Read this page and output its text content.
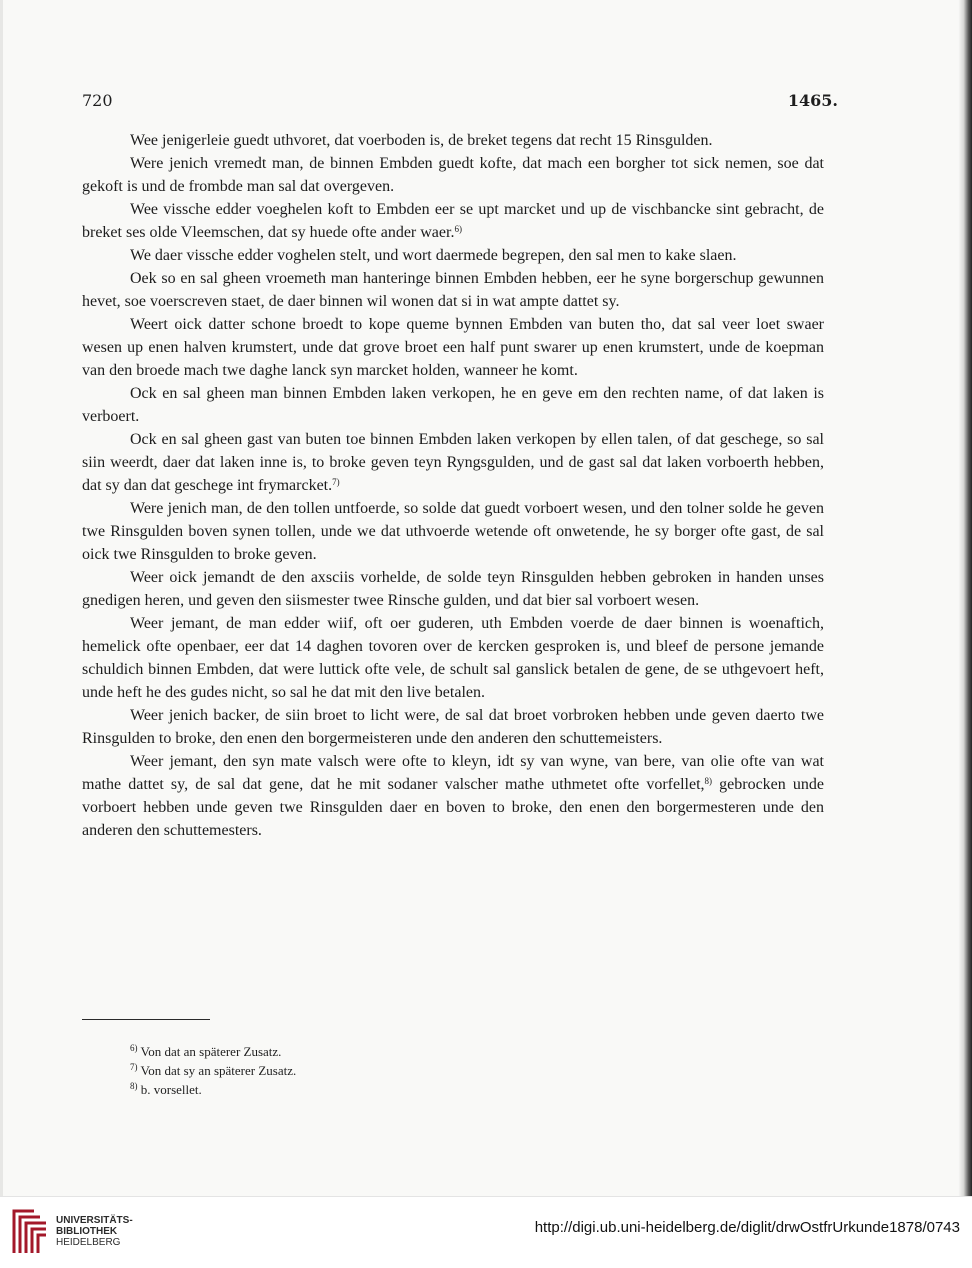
720	1465.

Wee jenigerleie guedt uthvoret, dat voerboden is, de breket tegens dat recht 15 Rinsgulden.

Were jenich vremedt man, de binnen Embden guedt kofte, dat mach een borgher tot sick nemen, soe dat gekoft is und de frombde man sal dat overgeven.

Wee vissche edder voeghelen koft to Embden eer se upt marcket und up de vischbancke sint gebracht, de breket ses olde Vleemschen, dat sy huede ofte ander waer.$^{6)}$

We daer vissche edder voghelen stelt, und wort daermede begrepen, den sal men to kake slaen.

Oek so en sal gheen vroemeth man hanteringe binnen Embden hebben, eer he syne borgerschup gewunnen hevet, soe voerscreven staet, de daer binnen wil wonen dat si in wat ampte dattet sy.

Weert oick datter schone broedt to kope queme bynnen Embden van buten tho, dat sal veer loet swaer wesen up enen halven krumstert, unde dat grove broet een half punt swarer up enen krumstert, unde de koepman van den broede mach twe daghe lanck syn marcket holden, wanneer he komt.

Ock en sal gheen man binnen Embden laken verkopen, he en geve em den rechten name, of dat laken is verboert.

Ock en sal gheen gast van buten toe binnen Embden laken verkopen by ellen talen, of dat geschege, so sal siin weerdt, daer dat laken inne is, to broke geven teyn Ryngsgulden, und de gast sal dat laken vorboerth hebben, dat sy dan dat geschege int frymarcket.$^{7)}$

Were jenich man, de den tollen untfoerde, so solde dat guedt vorboert wesen, und den tolner solde he geven twe Rinsgulden boven synen tollen, unde we dat uthvoerde wetende oft onwetende, he sy borger ofte gast, de sal oick twe Rinsgulden to broke geven.

Weer oick jemandt de den axsciis vorhelde, de solde teyn Rinsgulden hebben gebroken in handen unses gnedigen heren, und geven den siismester twee Rinsche gulden, und dat bier sal vorboert wesen.

Weer jemant, de man edder wiif, oft oer guderen, uth Embden voerde de daer binnen is woenaftich, hemelick ofte openbaer, eer dat 14 daghen tovoren over de kercken gesproken is, und bleef de persone jemande schuldich binnen Embden, dat were luttick ofte vele, de schult sal ganslick betalen de gene, de se uthgevoert heft, unde heft he des gudes nicht, so sal he dat mit den live betalen.

Weer jenich backer, de siin broet to licht were, de sal dat broet vorbroken hebben unde geven daerto twe Rinsgulden to broke, den enen den borgermeisteren unde den anderen den schuttemeisters.

Weer jemant, den syn mate valsch were ofte to kleyn, idt sy van wyne, van bere, van olie ofte van wat mathe dattet sy, de sal dat gene, dat he mit sodaner valscher mathe uthmetet ofte vorfellet,$^{8)}$ gebrocken unde vorboert hebben unde geven twe Rinsgulden daer en boven to broke, den enen den borgermesteren unde den anderen den schuttemesters.

$^{6)}$ Von dat an späterer Zusatz.
$^{7)}$ Von dat sy an späterer Zusatz.
$^{8)}$ b. vorsellet.
UNIVERSITÄTS-
BIBLIOTHEK
HEIDELBERG
http://digi.ub.uni-heidelberg.de/diglit/drwOstfrUrkunde1878/0743
